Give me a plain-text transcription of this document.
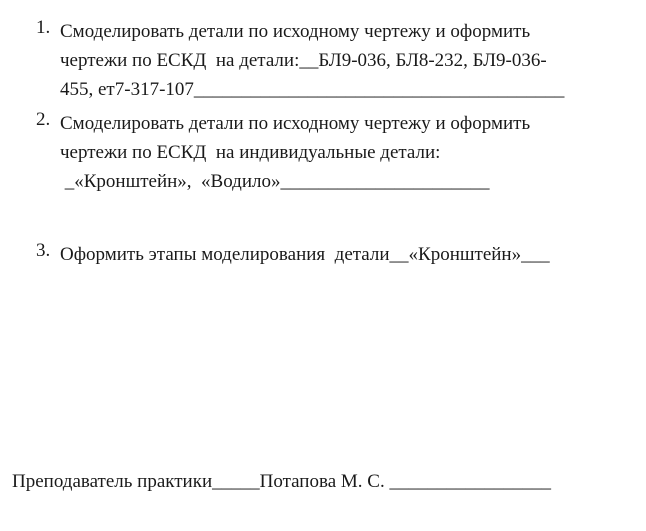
1. Смоделировать детали по исходному чертежу и оформить
чертежи по ЕСКД  на детали:__БЛ9-036, БЛ8-232, БЛ9-036-
455, ет7-317-107_______________________________________
2. Смоделировать детали по исходному чертежу и оформить
чертежи по ЕСКД  на индивидуальные детали:
_«Кронштейн»,  «Водило»______________________
3. Оформить этапы моделирования  детали__«Кронштейн»___
Преподаватель практики_____Потапова М. С. _________________
